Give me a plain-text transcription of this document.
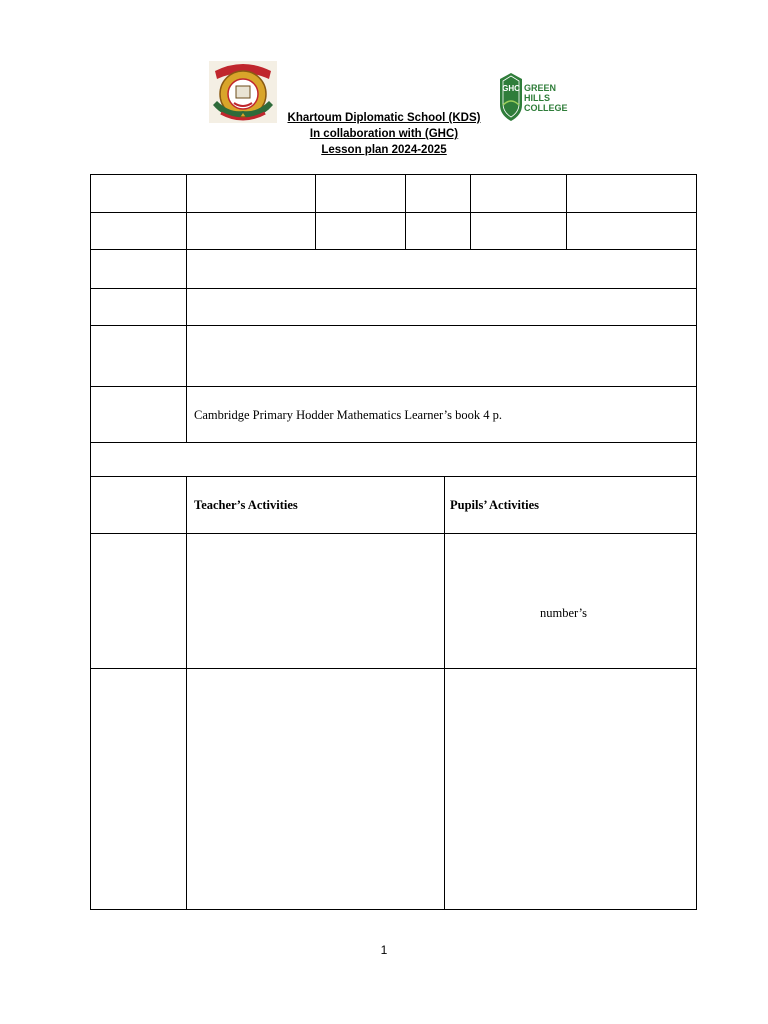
GHC GREEN
HILLS
COLLEGE
Khartoum Diplomatic School (KDS)
In collaboration with (GHC)
Lesson plan 2024-2025
Cambridge Primary Hodder Mathematics Learner’s book 4 p.
Teacher’s Activities	Pupils’ Activities
number’s
1
